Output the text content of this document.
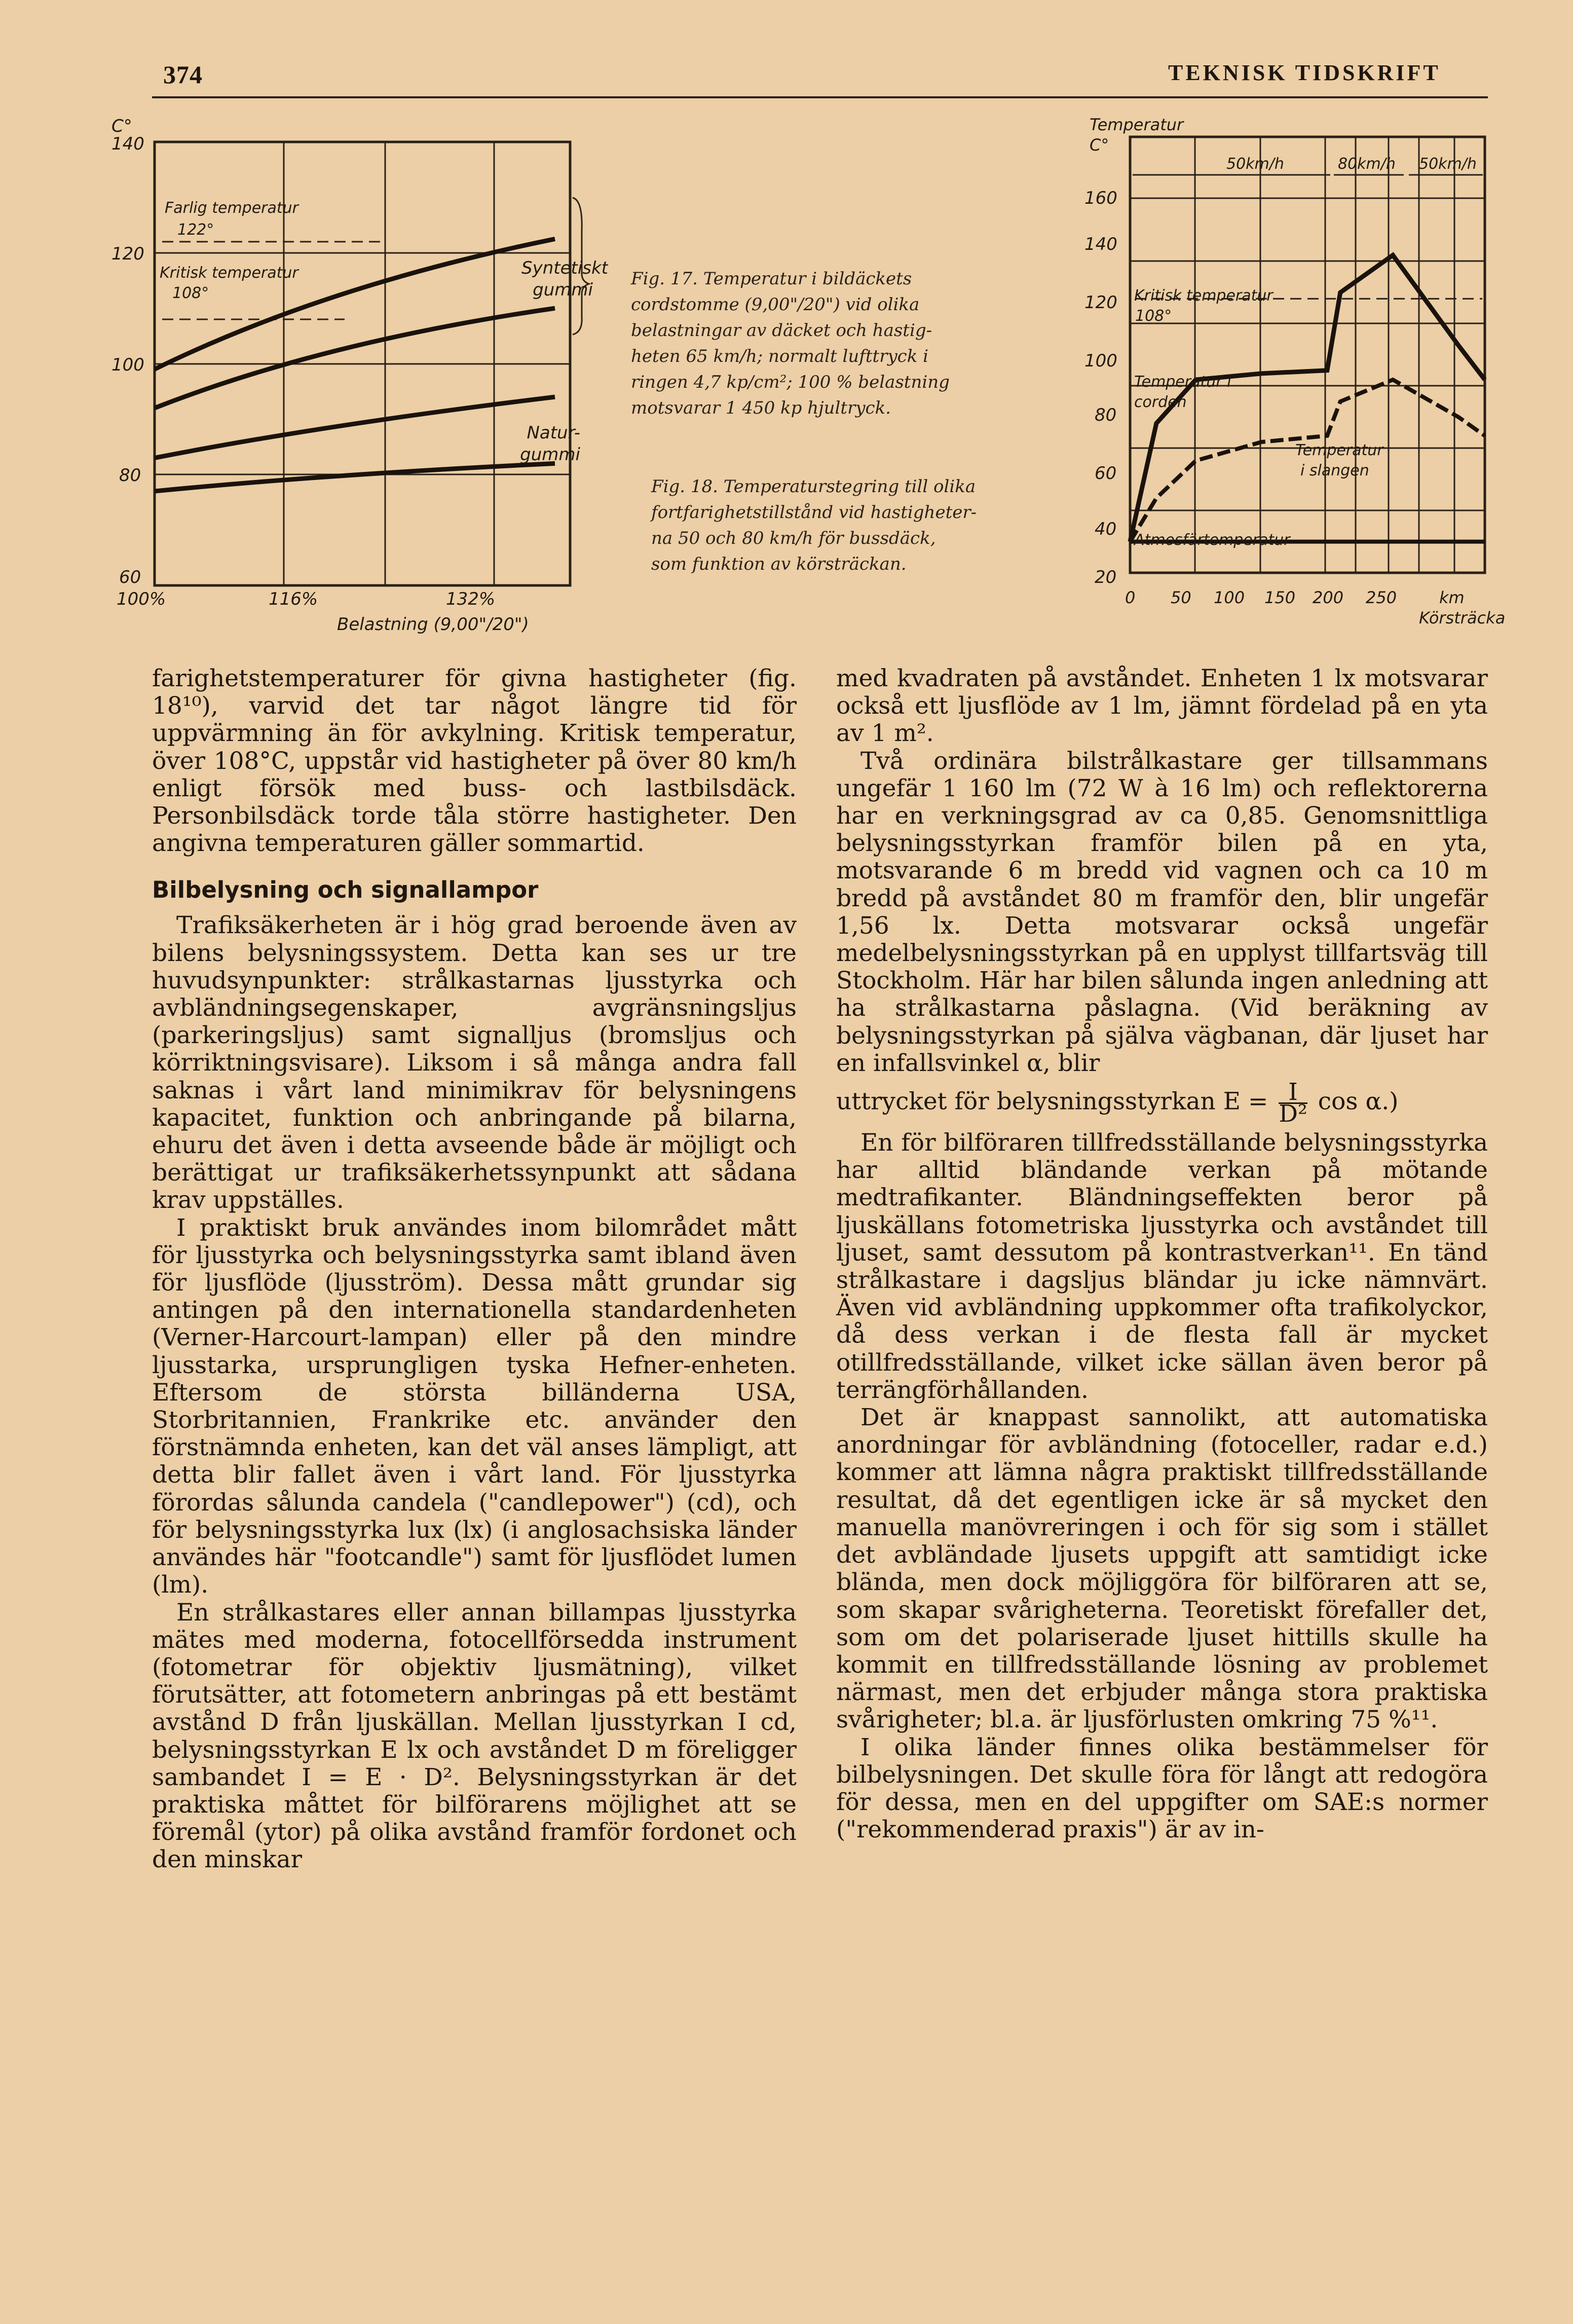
374	TEKNISK TIDSKRIFT
C°
140
120
100
80
60
100%	116%	132%
Belastning (9,00"/20")
Farlig temperatur
122°
Kritisk temperatur
108°
Syntetiskt
gummi
Natur-
gummi
Fig. 17. Temperatur i bildäckets
cordstomme (9,00"/20") vid olika
belastningar av däcket och hastig-
heten 65 km/h; normalt lufttryck i
ringen 4,7 kp/cm²; 100 % belastning
motsvarar 1 450 kp hjultryck.
Fig. 18. Temperaturstegring till olika
fortfarighetstillstånd vid hastigheter-
na 50 och 80 km/h för bussdäck,
som funktion av körsträckan.
Temperatur
C°
160
140
120
100
80
60
40
20
0 50 100 150 200 250	km
Körsträcka
50km/h	80km/h 50km/h
Kritisk temperatur
108°
Temperatur i
corden
Temperatur
i slangen
Atmosfärtemperatur

farighetstemperaturer för givna hastigheter (fig. 18¹⁰), varvid det tar något längre tid för uppvärmning än för avkylning. Kritisk temperatur, över 108°C, uppstår vid hastigheter på över 80 km/h enligt försök med buss- och lastbilsdäck. Personbilsdäck torde tåla större hastigheter. Den angivna temperaturen gäller sommartid.

Bilbelysning och signallampor

Trafiksäkerheten är i hög grad beroende även av bilens belysningssystem. Detta kan ses ur tre huvudsynpunkter: strålkastarnas ljusstyrka och avbländningsegenskaper, avgränsningsljus (parkeringsljus) samt signalljus (bromsljus och körriktningsvisare). Liksom i så många andra fall saknas i vårt land minimikrav för belysningens kapacitet, funktion och anbringande på bilarna, ehuru det även i detta avseende både är möjligt och berättigat ur trafiksäkerhetssynpunkt att sådana krav uppställes.

I praktiskt bruk användes inom bilområdet mått för ljusstyrka och belysningsstyrka samt ibland även för ljusflöde (ljusström). Dessa mått grundar sig antingen på den internationella standardenheten (Verner-Harcourt-lampan) eller på den mindre ljusstarka, ursprungligen tyska Hefner-enheten. Eftersom de största billänderna USA, Storbritannien, Frankrike etc. använder den förstnämnda enheten, kan det väl anses lämpligt, att detta blir fallet även i vårt land. För ljusstyrka förordas sålunda candela ("candlepower") (cd), och för belysningsstyrka lux (lx) (i anglosachsiska länder användes här "footcandle") samt för ljusflödet lumen (lm).

En strålkastares eller annan billampas ljusstyrka mätes med moderna, fotocellförsedda instrument (fotometrar för objektiv ljusmätning), vilket förutsätter, att fotometern anbringas på ett bestämt avstånd D från ljuskällan. Mellan ljusstyrkan I cd, belysningsstyrkan E lx och avståndet D m föreligger sambandet I = E · D². Belysningsstyrkan är det praktiska måttet för bilförarens möjlighet att se föremål (ytor) på olika avstånd framför fordonet och den minskar

med kvadraten på avståndet. Enheten 1 lx motsvarar också ett ljusflöde av 1 lm, jämnt fördelad på en yta av 1 m².

Två ordinära bilstrålkastare ger tillsammans ungefär 1 160 lm (72 W à 16 lm) och reflektorerna har en verkningsgrad av ca 0,85. Genomsnittliga belysningsstyrkan framför bilen på en yta, motsvarande 6 m bredd vid vagnen och ca 10 m bredd på avståndet 80 m framför den, blir ungefär 1,56 lx. Detta motsvarar också ungefär medelbelysningsstyrkan på en upplyst tillfartsväg till Stockholm. Här har bilen sålunda ingen anledning att ha strålkastarna påslagna. (Vid beräkning av belysningsstyrkan på själva vägbanan, där ljuset har en infallsvinkel α, blir

uttrycket för belysningsstyrkan $E = \frac{I}{\text{D²}}$ cos α.)

En för bilföraren tillfredsställande belysningsstyrka har alltid bländande verkan på mötande medtrafikanter. Bländningseffekten beror på ljuskällans fotometriska ljusstyrka och avståndet till ljuset, samt dessutom på kontrastverkan¹¹. En tänd strålkastare i dagsljus bländar ju icke nämnvärt. Även vid avbländning uppkommer ofta trafikolyckor, då dess verkan i de flesta fall är mycket otillfredsställande, vilket icke sällan även beror på terrängförhållanden.

Det är knappast sannolikt, att automatiska anordningar för avbländning (fotoceller, radar e.d.) kommer att lämna några praktiskt tillfredsställande resultat, då det egentligen icke är så mycket den manuella manövreringen i och för sig som i stället det avbländade ljusets uppgift att samtidigt icke blända, men dock möjliggöra för bilföraren att se, som skapar svårigheterna. Teoretiskt förefaller det, som om det polariserade ljuset hittills skulle ha kommit en tillfredsställande lösning av problemet närmast, men det erbjuder många stora praktiska svårigheter; bl.a. är ljusförlusten omkring 75 %¹¹.

I olika länder finnes olika bestämmelser för bilbelysningen. Det skulle föra för långt att redogöra för dessa, men en del uppgifter om SAE:s normer ("rekommenderad praxis") är av in-
